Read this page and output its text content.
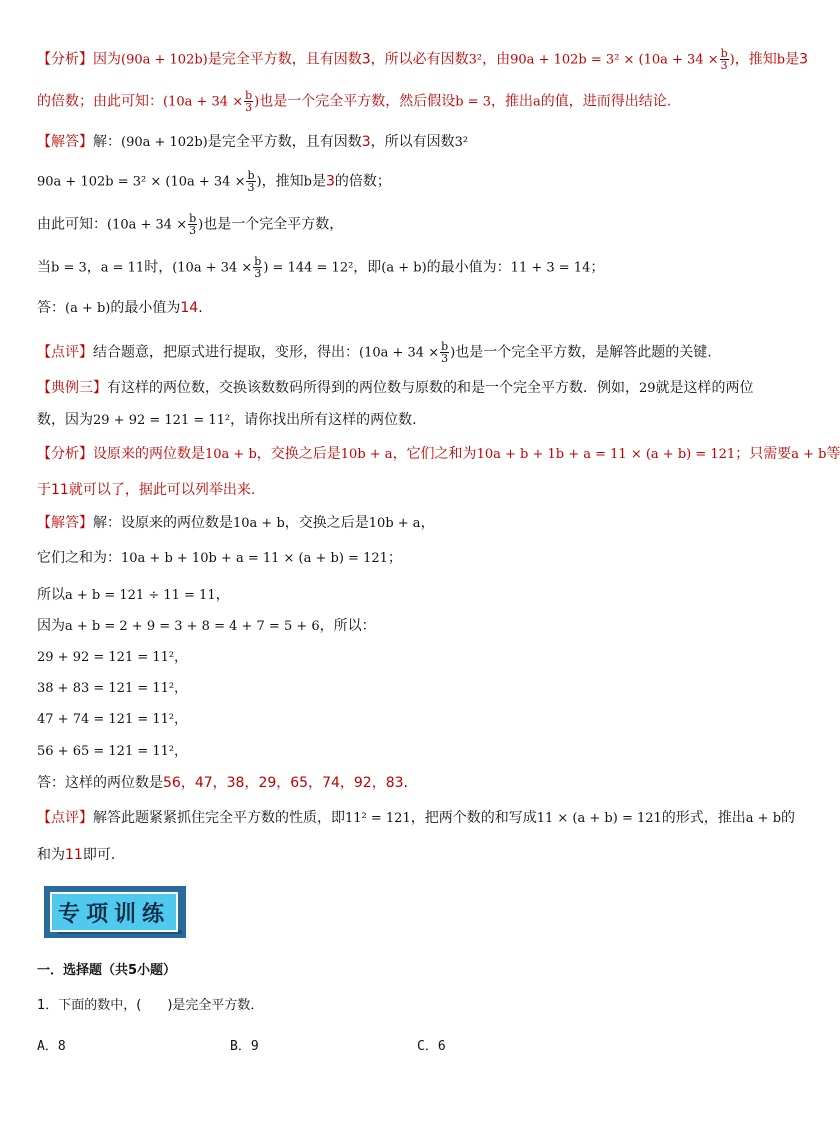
【分析】因为(90a + 102b)是完全平方数，且有因数3，所以必有因数3²，由$90a + 102b = 3^2 \times (10a + 34 \times \frac{b}{3}$ )，推知b是3
的倍数；由此可知：($10a + 34 \times \frac{b}{3}$ )也是一个完全平方数，然后假设b = 3，推出a的值，进而得出结论.
【解答】解：(90a + 102b)是完全平方数，且有因数3，所以有因数3²
$90a + 102b = 3^2 \times (10a + 34 \times \frac{b}{3}$ )，推知b是3的倍数；
由此可知：($10a + 34 \times \frac{b}{3}$ )也是一个完全平方数，
当b = 3，a = 11时，($10a + 34 \times \frac{b}{3}$ ) = 144 = 12²，即(a + b)的最小值为：11 + 3 = 14；
答：(a + b)的最小值为14.
【点评】结合题意，把原式进行提取，变形，得出：($10a + 34 \times \frac{b}{3}$ )也是一个完全平方数，是解答此题的关键.
【典例三】有这样的两位数，交换该数数码所得到的两位数与原数的和是一个完全平方数．例如，29就是这样的两位
数，因为29 + 92 = 121 = 11²，请你找出所有这样的两位数.
【分析】设原来的两位数是10a + b，交换之后是10b + a，它们之和为10a + b + 1b + a = 11 × (a + b) = 121；只需要a + b等
于11就可以了，据此可以列举出来.
【解答】解：设原来的两位数是10a + b，交换之后是10b + a，
它们之和为：10a + b + 10b + a = 11 × (a + b) = 121；
所以a + b = 121 ÷ 11 = 11，
因为a + b = 2 + 9 = 3 + 8 = 4 + 7 = 5 + 6，所以：
29 + 92 = 121 = 11²，
38 + 83 = 121 = 11²，
47 + 74 = 121 = 11²，
56 + 65 = 121 = 11²，
答：这样的两位数是56，47，38，29，65，74，92，83.
【点评】解答此题紧紧抓住完全平方数的性质，即11² = 121，把两个数的和写成11 × (a + b) = 121的形式，推出a + b的
和为11即可.
专项训练
一．选择题（共5小题）
1．下面的数中，(　　)是完全平方数．
A．8	B．9	C．6
